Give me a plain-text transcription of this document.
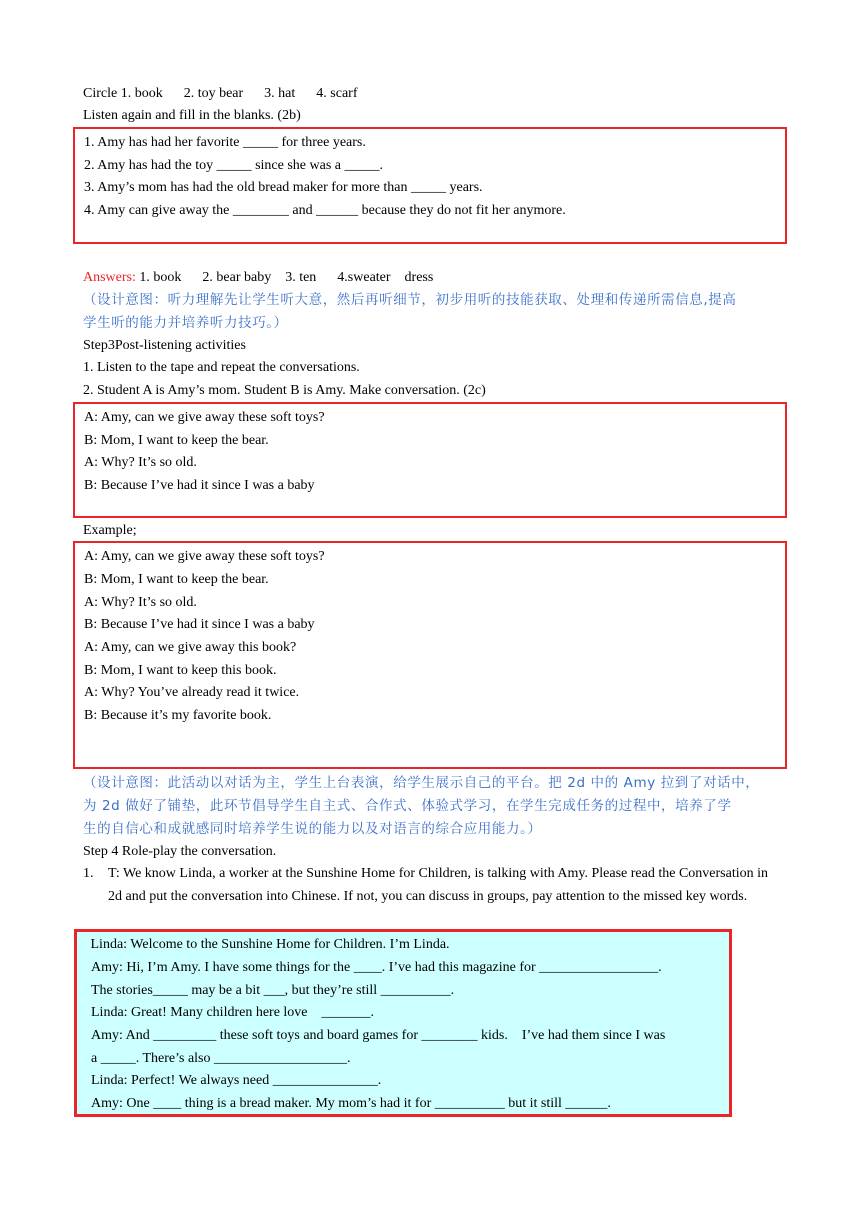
Circle 1. book      2. toy bear      3. hat      4. scarf
Listen again and fill in the blanks. (2b)
1. Amy has had her favorite _____ for three years.
2. Amy has had the toy _____ since she was a _____.
3. Amy’s mom has had the old bread maker for more than _____ years.
4. Amy can give away the ________ and ______ because they do not fit her anymore.
Answers: 1. book      2. bear baby    3. ten      4.sweater    dress
（设计意图：听力理解先让学生听大意，然后再听细节，初步用听的技能获取、处理和传递所需信息,提高
学生听的能力并培养听力技巧。）
Step3Post-listening activities
1. Listen to the tape and repeat the conversations.
2. Student A is Amy’s mom. Student B is Amy. Make conversation. (2c)
A: Amy, can we give away these soft toys?
B: Mom, I want to keep the bear.
A: Why? It’s so old.
B: Because I’ve had it since I was a baby
Example;
A: Amy, can we give away these soft toys?
B: Mom, I want to keep the bear.
A: Why? It’s so old.
B: Because I’ve had it since I was a baby
A: Amy, can we give away this book?
B: Mom, I want to keep this book.
A: Why? You’ve already read it twice.
B: Because it’s my favorite book.
（设计意图：此活动以对话为主，学生上台表演，给学生展示自己的平台。把 2d 中的 Amy 拉到了对话中，
为 2d 做好了铺垫，此环节倡导学生自主式、合作式、体验式学习，在学生完成任务的过程中，培养了学
生的自信心和成就感同时培养学生说的能力以及对语言的综合应用能力。）
Step 4 Role-play the conversation.
1. T: We know Linda, a worker at the Sunshine Home for Children, is talking with Amy. Please read the Conversation in 2d and put the conversation into Chinese. If not, you can discuss in groups, pay attention to the missed key words.
Linda: Welcome to the Sunshine Home for Children. I’m Linda.
Amy: Hi, I’m Amy. I have some things for the ____. I’ve had this magazine for _________________.
The stories_____ may be a bit ___, but they’re still __________.
Linda: Great! Many children here love    _______.
Amy: And _________ these soft toys and board games for ________ kids.    I’ve had them since I was
a _____. There’s also ___________________.
Linda: Perfect! We always need _______________.
Amy: One ____ thing is a bread maker. My mom’s had it for __________ but it still ______.
